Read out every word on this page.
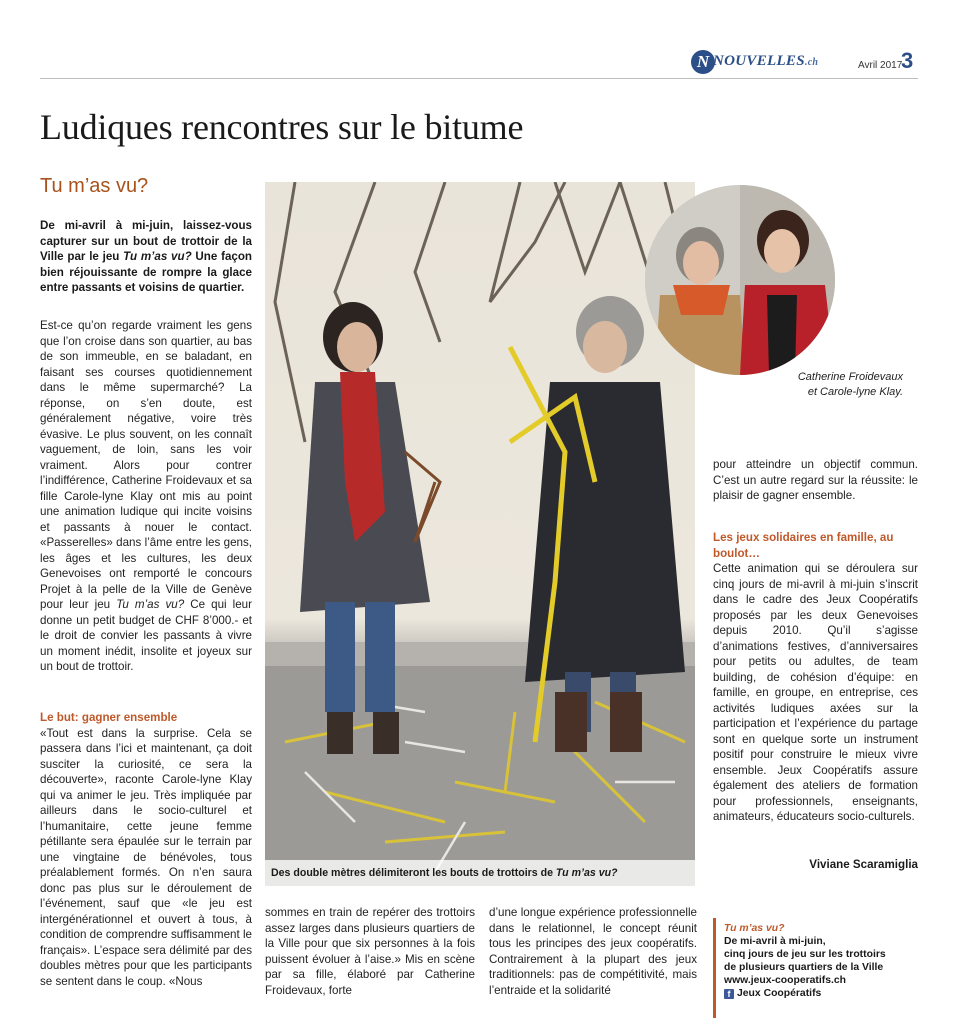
N NOUVELLES.ch	Avril 2017
3
Ludiques rencontres sur le bitume
Tu m’as vu?
De mi-avril à mi-juin, laissez-vous capturer sur un bout de trottoir de la Ville par le jeu Tu m’as vu? Une façon bien réjouissante de rompre la glace entre passants et voisins de quartier.
Est-ce qu’on regarde vraiment les gens que l’on croise dans son quartier, au bas de son immeuble, en se baladant, en faisant ses courses quotidiennement dans le même supermarché? La réponse, on s’en doute, est généralement négative, voire très évasive. Le plus souvent, on les connaît vaguement, de loin, sans les voir vraiment. Alors pour contrer l’indifférence, Catherine Froidevaux et sa fille Carole-lyne Klay ont mis au point une animation ludique qui incite voisins et passants à nouer le contact. «Passerelles» dans l’âme entre les gens, les âges et les cultures, les deux Genevoises ont remporté le concours Projet à la pelle de la Ville de Genève pour leur jeu Tu m’as vu? Ce qui leur donne un petit budget de CHF 8’000.- et le droit de convier les passants à vivre un moment inédit, insolite et joyeux sur un bout de trottoir.
Le but: gagner ensemble

«Tout est dans la surprise. Cela se passera dans l’ici et maintenant, ça doit susciter la curiosité, ce sera la découverte», raconte Carole-lyne Klay qui va animer le jeu. Très impliquée par ailleurs dans le socio-culturel et l’humanitaire, cette jeune femme pétillante sera épaulée sur le terrain par une vingtaine de bénévoles, tous préalablement formés. On n’en saura donc pas plus sur le déroulement de l’événement, sauf que «le jeu est intergénérationnel et ouvert à tous, à condition de comprendre suffisamment le français». L’espace sera délimité par des doubles mètres pour que les participants se sentent dans le coup. «Nous

Des double mètres délimiteront les bouts de trottoirs de Tu m’as vu?

sommes en train de repérer des trottoirs assez larges dans plusieurs quartiers de la Ville pour que six personnes à la fois puissent évoluer à l’aise.» Mis en scène par sa fille, élaboré par Catherine Froidevaux, forte

d’une longue expérience professionnelle dans le relationnel, le concept réunit tous les principes des jeux coopératifs. Contrairement à la plupart des jeux traditionnels: pas de compétitivité, mais l’entraide et la solidarité

Catherine Froidevaux
et Carole-lyne Klay.

pour atteindre un objectif commun. C’est un autre regard sur la réussite: le plaisir de gagner ensemble.

Les jeux solidaires en famille, au boulot…

Cette animation qui se déroulera sur cinq jours de mi-avril à mi-juin s’inscrit dans le cadre des Jeux Coopératifs proposés par les deux Genevoises depuis 2010. Qu’il s’agisse d’animations festives, d’anniversaires pour petits ou adultes, de team building, de cohésion d’équipe: en famille, en groupe, en entreprise, ces activités ludiques axées sur la participation et l’expérience du partage sont en quelque sorte un instrument positif pour construire le mieux vivre ensemble. Jeux Coopératifs assure également des ateliers de formation pour professionnels, enseignants, animateurs, éducateurs socio-culturels.

Viviane Scaramiglia
Tu m’as vu?
De mi-avril à mi-juin,
cinq jours de jeu sur les trottoirs
de plusieurs quartiers de la Ville
www.jeux-cooperatifs.ch
f Jeux Coopératifs
